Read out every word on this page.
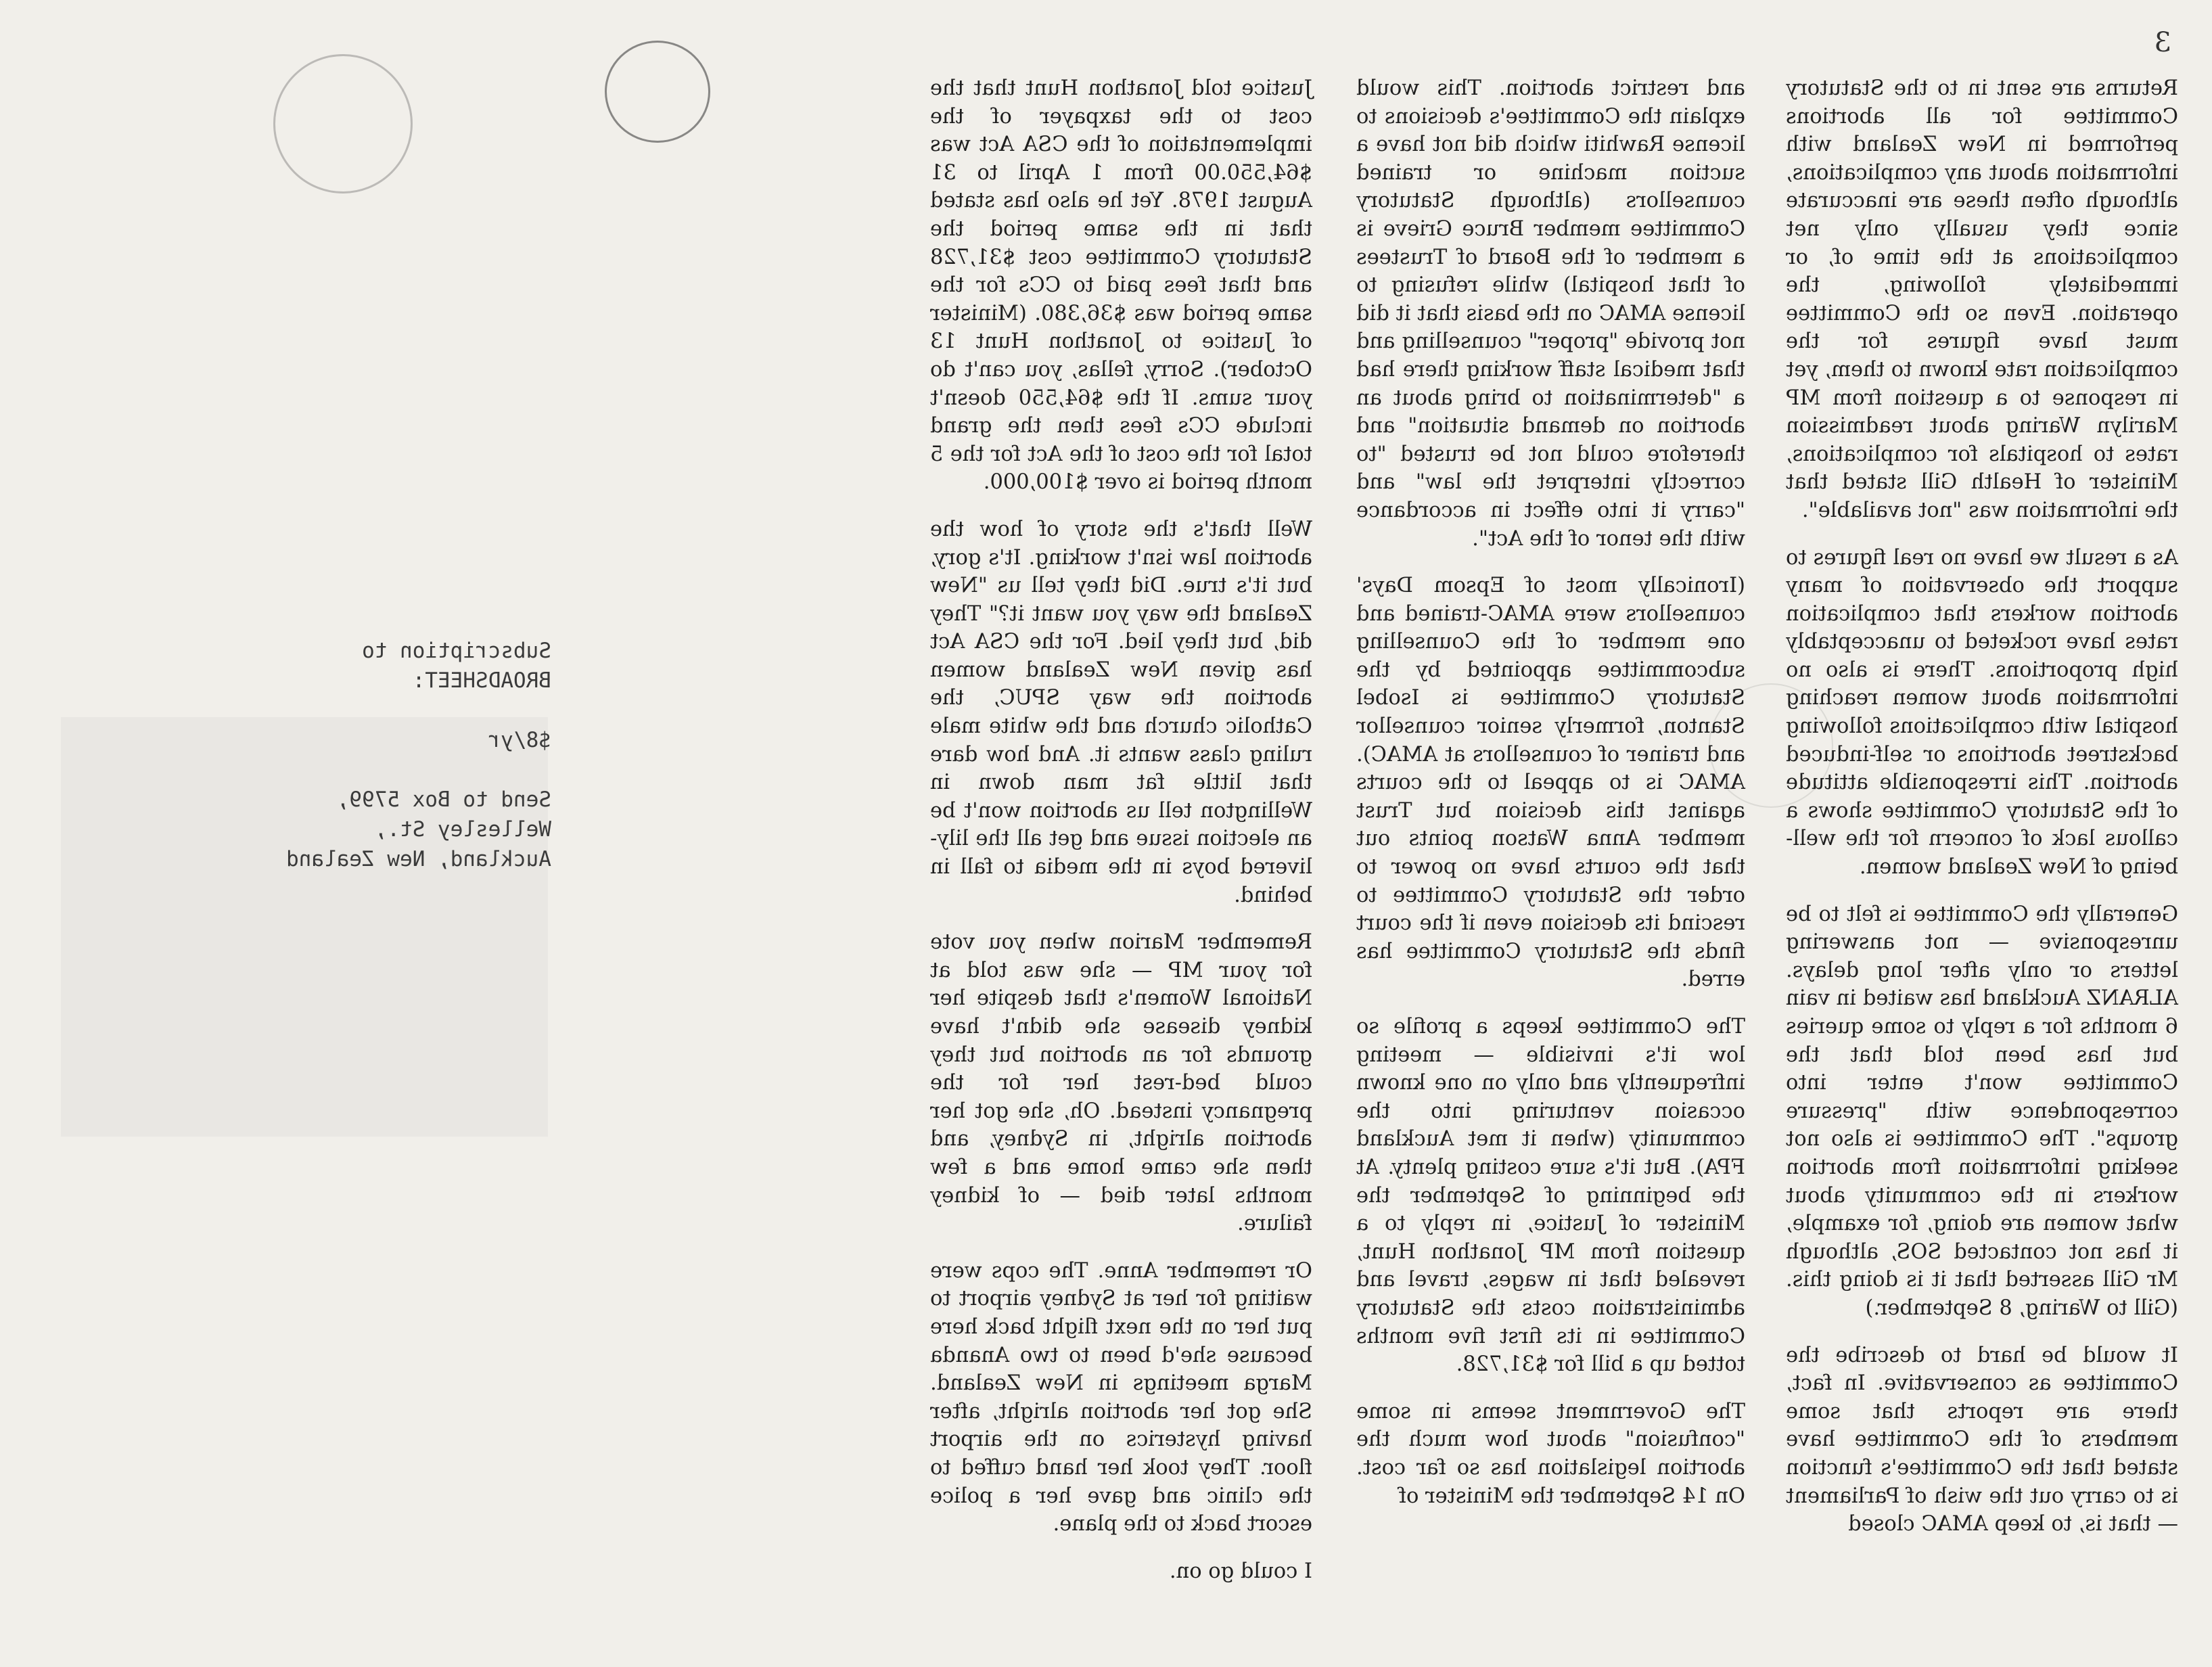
3

Returns are sent in to the Statutory Committee for all abortions performed in New Zealand with information about any complications, although often these are inaccurate since they usually only net complications at the time of, or immediately following, the operation. Even so the Committee must have figures for the complication rate known to them, yet in response to a question from MP Marilyn Waring about readmission rates to hospitals for complications, Minister of Health Gill stated that the information was "not available".

As a result we have no real figures to support the observation of many abortion workers that complication rates have rocketed to unacceptably high proportions. There is also no information about women reaching hospital with complications following backstreet abortions or self-induced abortion. This irresponsible attitude of the Statutory Committee shows a callous lack of concern for the well-being of New Zealand women.

Generally the Committee is felt to be unresponsive — not answering letters or only after long delays. ALRANZ Auckland has waited in vain 6 months for a reply to some queries but has been told that the Committee won't enter into correspondence with "pressure groups". The Committee is also not seeking information from abortion workers in the community about what women are doing, for example, it has not contacted SOS, although Mr Gill asserted that it is doing this. (Gill to Waring, 8 September.)

It would be hard to describe the Committee as conservative. In fact, there are reports that some members of the Committee have stated that the Committee's function is to carry out the wish of Parliament — that is, to keep AMAC closed

and restrict abortion. This would explain the Committee's decisions to license Rawhiti which did not have a suction machine or trained counsellors (although Statutory Committee member Bruce Grieve is a member of the Board of Trustees of that hospital) while refusing to license AMAC on the basis that it did not provide "proper" counselling and that medical staff working there had a "determination to bring about an abortion on demand situation" and therefore could not be trusted "to correctly interpret the law" and "carry it into effect in accordance with the tenor of the Act".

(Ironically most of Epsom Days' counsellors were AMAC-trained and one member of the Counselling subcommittee appointed by the Statutory Committee is Isobel Stanton, formerly senior counsellor and trainer of counsellors at AMAC). AMAC is to appeal to the courts against this decision but Trust member Anna Watson points out that the courts have no power to order the Statutory Committee to rescind its decision even if the court finds the Statutory Committee has erred.

The Committee keeps a profile so low it's invisible — meeting infrequently and only on one known occasion venturing into the community (when it met Auckland FPA). But it's sure costing plenty. At the beginning of September the Minister of Justice, in reply to a question from MP Jonathon Hunt, revealed that in wages, travel and administration costs the Statutory Committee in its first five months totted up a bill for $31,728.

The Government seems in some "confusion" about how much the abortion legislation has so far cost. On 14 September the Minister of

Justice told Jonathon Hunt that the cost to the taxpayer of the implementation of the CSA Act was $64,550.00 from 1 April to 31 August 1978. Yet he also has stated that in the same period the Statutory Committee cost $31,728 and that fees paid to CCs for the same period was $36,380. (Minister of Justice to Jonathon Hunt 13 October). Sorry, fellas, you can't do your sums. If the $64,550 doesn't include CCs fees then the grand total for the cost of the Act for the 5 month period is over $100,000.

Well that's the story of how the abortion law isn't working. It's gory, but it's true. Did they tell us "New Zealand the way you want it?" They did, but they lied. For the CSA Act has given New Zealand women abortion the way SPUC, the Catholic church and the white male ruling class wants it. And how dare that little fat man down in Wellington tell us abortion won't be an election issue and get all the lily-livered boys in the media to fall in behind.

Remember Marion when you vote for your MP — she was told at National Women's that despite her kidney disease she didn't have grounds for an abortion but they could bed-rest her for the pregnancy instead. Oh, she got her abortion alright, in Sydney, and then she came home and a few months later died — of kidney failure.

Or remember Anne. The cops were waiting for her at Sydney airport to put her on the next flight back here because she'd been to two Ananda Marga meetings in New Zealand. She got her abortion alright, after having hysterics on the airport floor. They took her hand cuffed to the clinic and gave her a police escort back to the plane.

I could go on.

Subscription to
BROADSHEET:
$8/yr
Send to Box 5799,
Wellesley St.,
Auckland, New Zealand
